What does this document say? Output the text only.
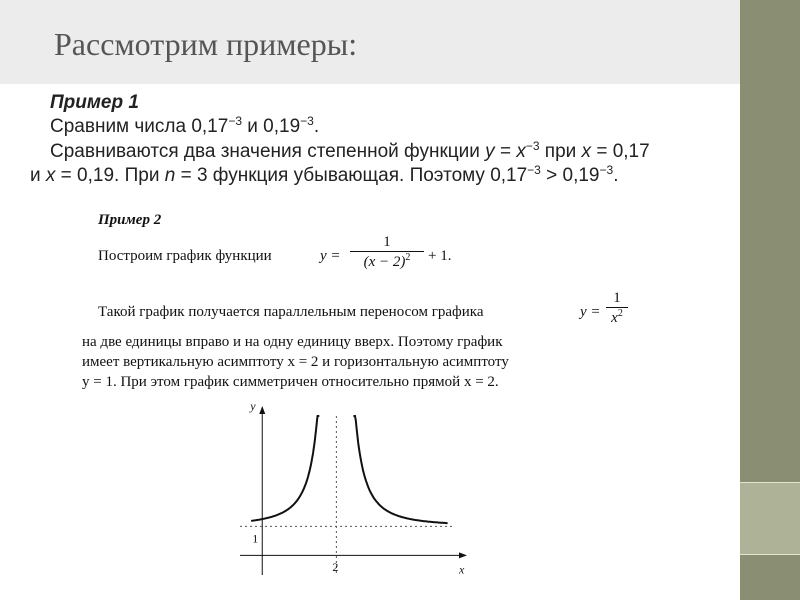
Рассмотрим примеры:
Пример 1
Сравним числа $0,17^{-3}$ и $0,19^{-3}$.
Сравниваются два значения степенной функции $y = x^{-3}$ при x = 0,17
и x = 0,19. При n = 3 функция убывающая. Поэтому $0,17^{-3} > 0,19^{-3}$.
Пример 2
Построим график функции	$y = \frac{1}{(x - 2)^2} + 1$.
Такой график получается параллельным переносом графика	$y = \frac{1}{x^2}$
на две единицы вправо и на одну единицу вверх. Поэтому график
имеет вертикальную асимптоту x = 2 и горизонтальную асимптоту
y = 1. При этом график симметричен относительно прямой x = 2.
x
y
2
1
